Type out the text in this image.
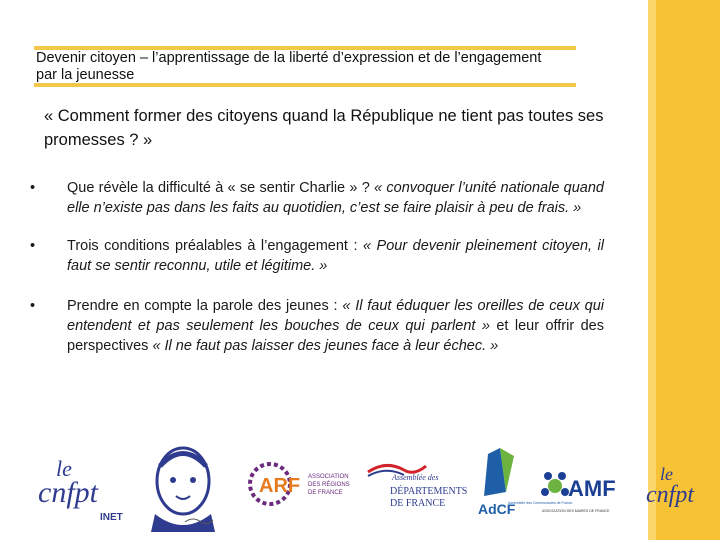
Devenir citoyen – l’apprentissage de la liberté d’expression et de l’engagement par la jeunesse
« Comment former des citoyens quand la République ne tient pas toutes ses promesses ? »
• Que révèle la difficulté à « se sentir Charlie » ? « convoquer l’unité nationale quand elle n’existe pas dans les faits au quotidien, c’est se faire plaisir à peu de frais. »
• Trois conditions préalables à l’engagement : « Pour devenir pleinement citoyen, il faut se sentir reconnu, utile et légitime. »
• Prendre en compte la parole des jeunes : « Il faut éduquer les oreilles de ceux qui entendent et pas seulement les bouches de ceux qui parlent » et leur offrir des perspectives « Il ne faut pas laisser des jeunes face à leur échec. »
le
cnfpt
INET
ARF ASSOCIATION
DES RÉGIONS
DE FRANCE
Assemblée des
DÉPARTEMENTS
DE FRANCE AdCF
Assemblée des Communautés de France
AMF
ASSOCIATION DES MAIRES DE FRANCE
le
cnfpt
